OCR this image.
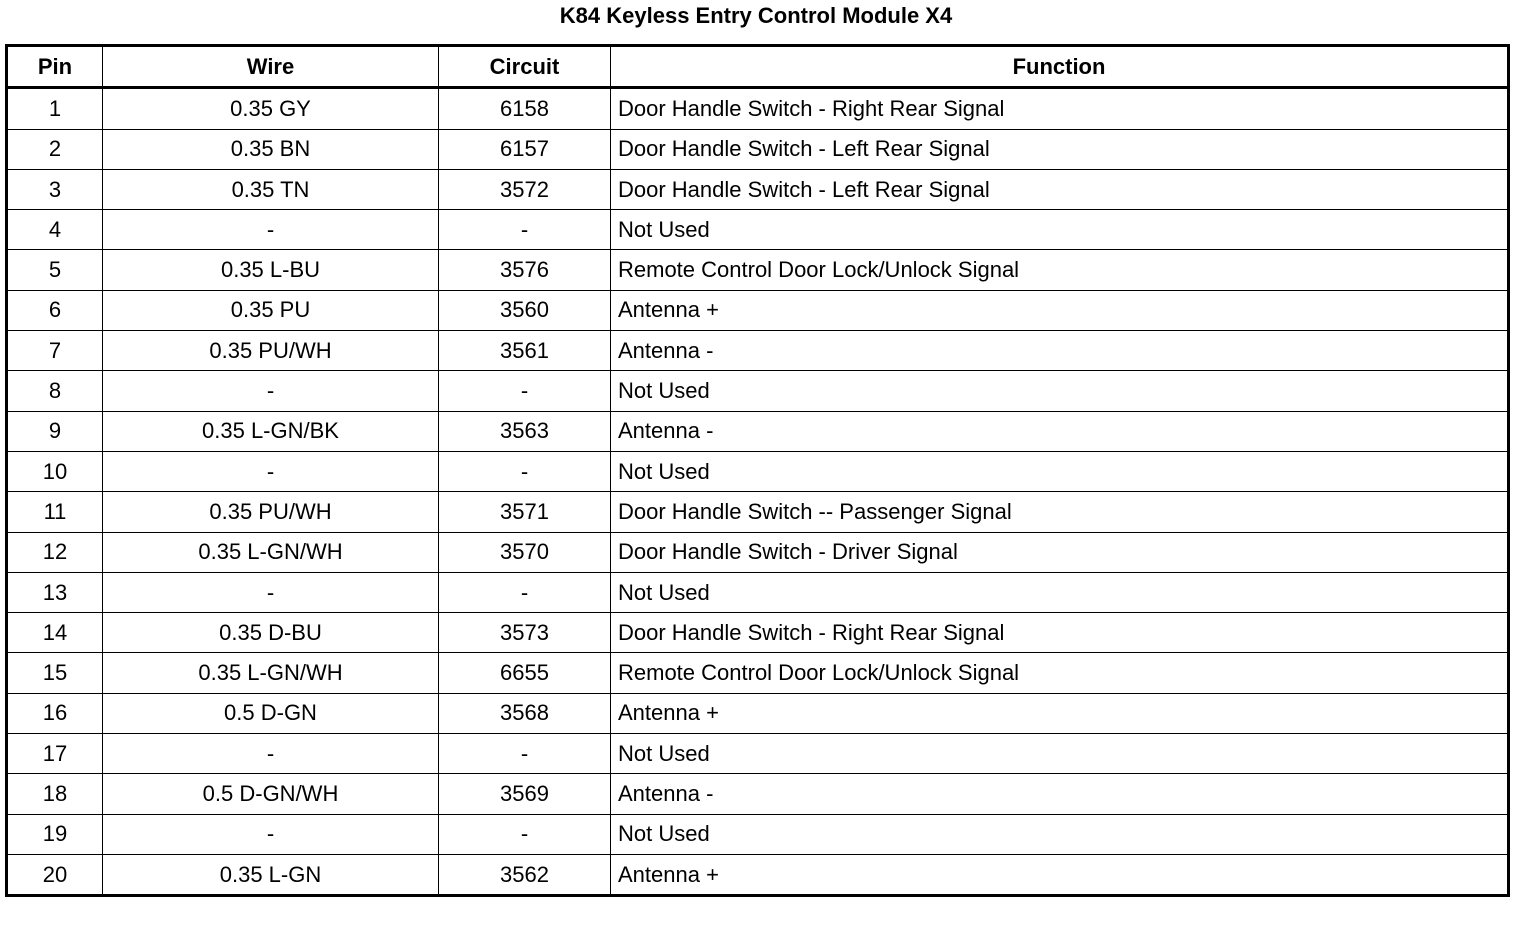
K84 Keyless Entry Control Module X4
Pin	Wire	Circuit	Function
1	0.35 GY	6158	Door Handle Switch - Right Rear Signal
2	0.35 BN	6157	Door Handle Switch - Left Rear Signal
3	0.35 TN	3572	Door Handle Switch - Left Rear Signal
4	-	-	Not Used
5	0.35 L-BU	3576	Remote Control Door Lock/Unlock Signal
6	0.35 PU	3560	Antenna +
7	0.35 PU/WH	3561	Antenna -
8	-	-	Not Used
9	0.35 L-GN/BK	3563	Antenna -
10	-	-	Not Used
11	0.35 PU/WH	3571	Door Handle Switch -- Passenger Signal
12	0.35 L-GN/WH	3570	Door Handle Switch - Driver Signal
13	-	-	Not Used
14	0.35 D-BU	3573	Door Handle Switch - Right Rear Signal
15	0.35 L-GN/WH	6655	Remote Control Door Lock/Unlock Signal
16	0.5 D-GN	3568	Antenna +
17	-	-	Not Used
18	0.5 D-GN/WH	3569	Antenna -
19	-	-	Not Used
20	0.35 L-GN	3562	Antenna +
